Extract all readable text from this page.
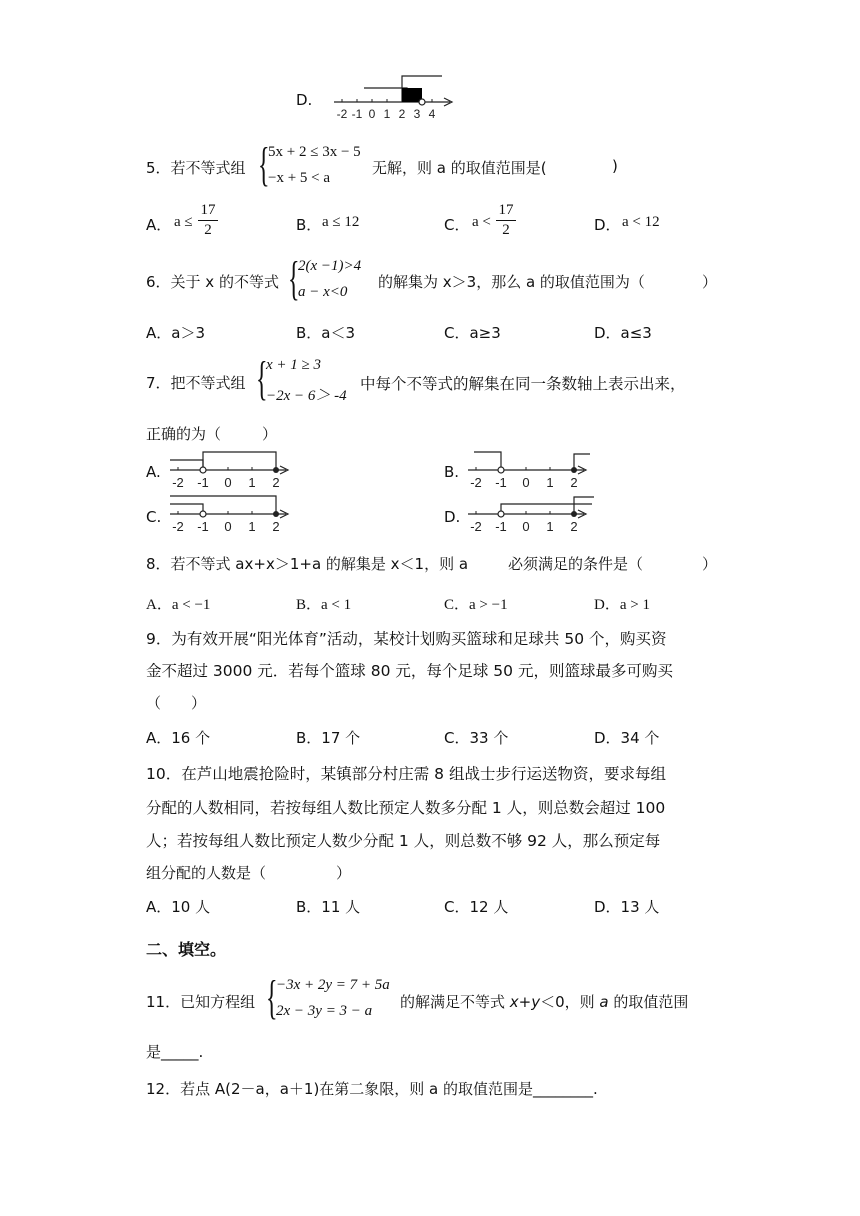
D.
-2 -1 0 1 2 3 4
5．若不等式组 {
5x + 2 ≤ 3x − 5
−x + 5 < a
无解，则 a 的取值范围是(	)
A． a ≤
17
2	B． a ≤ 12	C． a <
17
2	D． a < 12
6．关于 x 的不等式 {
2(x −1)>4
a − x<0
的解集为 x＞3，那么 a 的取值范围为（	）
A．a＞3	B．a＜3	C．a≥3	D．a≤3
7．把不等式组 {
x + 1 ≥ 3
−2x − 6＞ -4
中每个不等式的解集在同一条数轴上表示出来，
正确的为（	）
A.
-2 -1 0 1 2
B.
-2 -1 0 1 2
C.
-2 -1 0 1 2
D.
-2 -1 0 1 2
8．若不等式 ax+x＞1+a 的解集是 x＜1，则 a	必须满足的条件是（	）
A．a < −1	B．a < 1	C．a > −1	D．a > 1
9．为有效开展“阳光体育”活动，某校计划购买篮球和足球共 50 个，购买资
金不超过 3000 元．若每个篮球 80 元，每个足球 50 元，则篮球最多可购买
（　　）
A．16 个	B．17 个	C．33 个	D．34 个
10．在芦山地震抢险时，某镇部分村庄需 8 组战士步行运送物资，要求每组
分配的人数相同，若按每组人数比预定人数多分配 1 人，则总数会超过 100
人；若按每组人数比预定人数少分配 1 人，则总数不够 92 人，那么预定每
组分配的人数是（	）
A．10 人	B．11 人	C．12 人	D．13 人
二、填空。
11．已知方程组 {
−3x + 2y = 7 + 5a
2x − 3y = 3 − a 的解满足不等式 x+y＜0，则 a 的取值范围
是_____.
12．若点 A(2－a，a＋1)在第二象限，则 a 的取值范围是________.
